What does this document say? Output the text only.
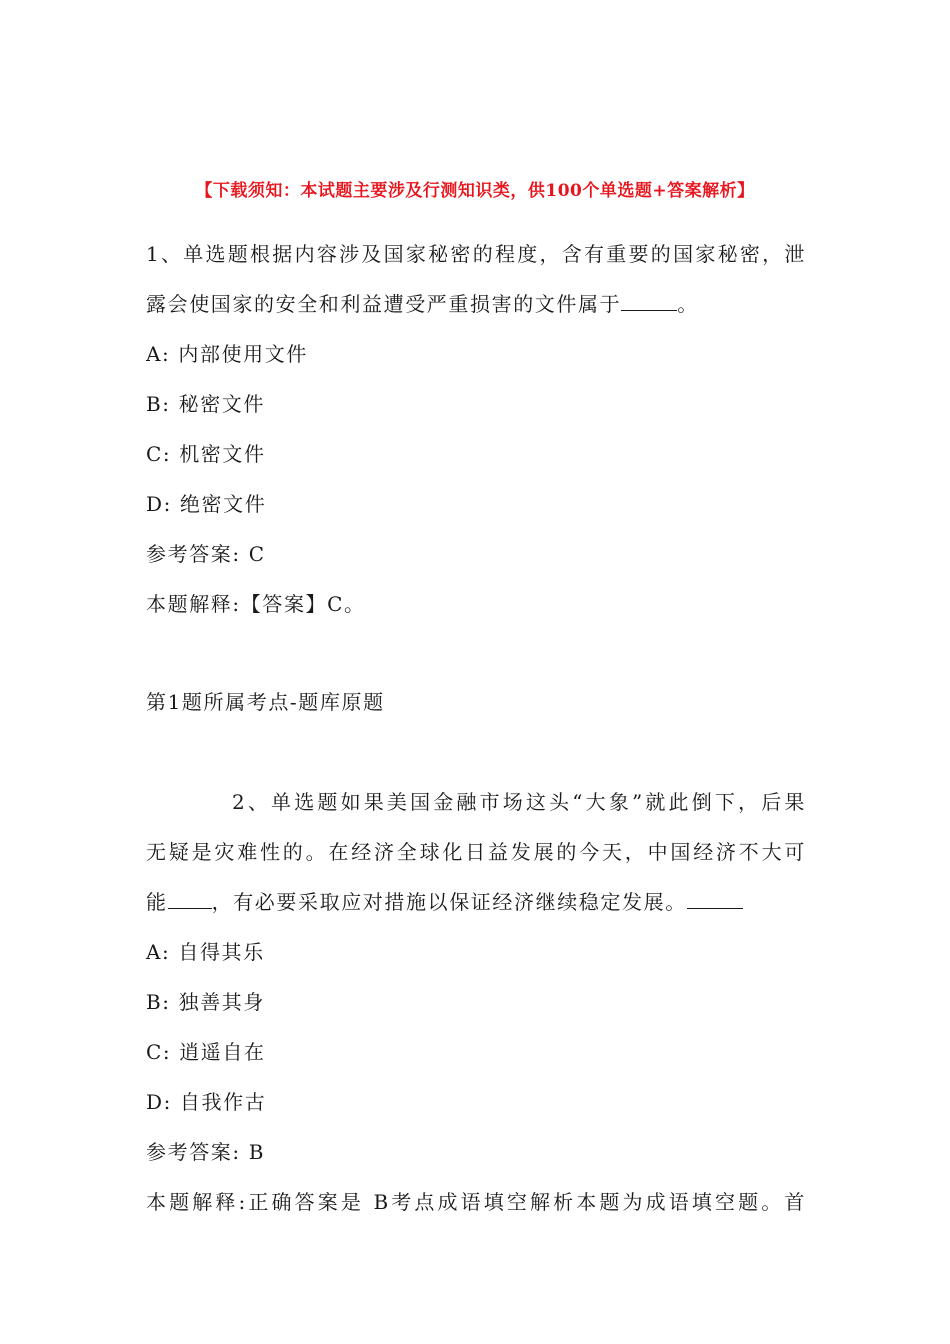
【下载须知：本试题主要涉及行测知识类，供100个单选题+答案解析】
1、单选题根据内容涉及国家秘密的程度，含有重要的国家秘密，泄
露会使国家的安全和利益遭受严重损害的文件属于	。
A: 内部使用文件
B: 秘密文件
C: 机密文件
D: 绝密文件
参考答案: C
本题解释:【答案】C。
第1题所属考点-题库原题
2、单选题如果美国金融市场这头“大象”就此倒下，后果
无疑是灾难性的。在经济全球化日益发展的今天，中国经济不大可
能 ，有必要采取应对措施以保证经济继续稳定发展。
A: 自得其乐
B: 独善其身
C: 逍遥自在
D: 自我作古
参考答案: B
本题解释:正确答案是 B考点成语填空解析本题为成语填空题。首
